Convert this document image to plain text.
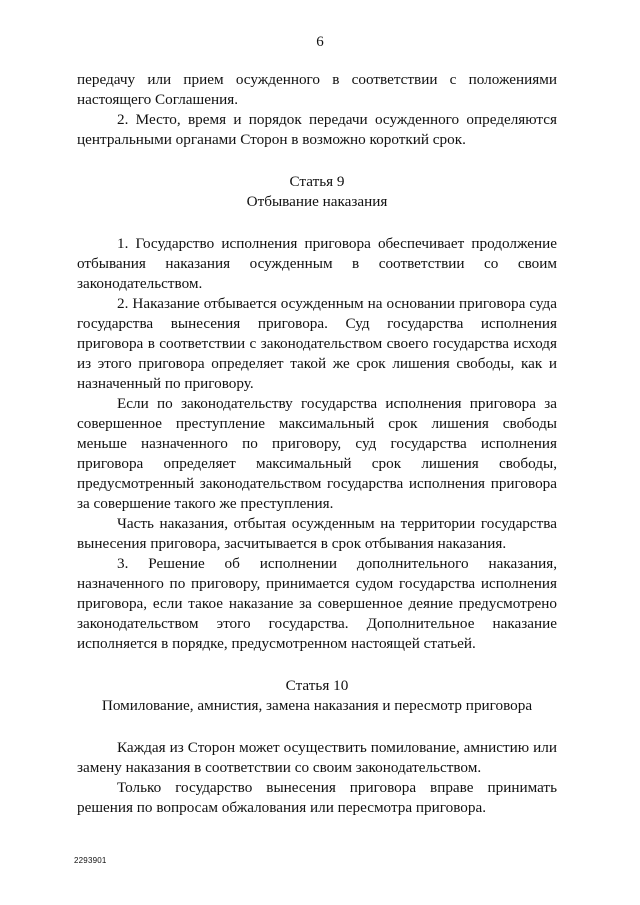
6

передачу или прием осужденного в соответствии с положениями настоящего Соглашения.

2. Место, время и порядок передачи осужденного определяются центральными органами Сторон в возможно короткий срок.

Статья 9

Отбывание наказания

1. Государство исполнения приговора обеспечивает продолжение отбывания наказания осужденным в соответствии со своим законодательством.

2. Наказание отбывается осужденным на основании приговора суда государства вынесения приговора. Суд государства исполнения приговора в соответствии с законодательством своего государства исходя из этого приговора определяет такой же срок лишения свободы, как и назначенный по приговору.

Если по законодательству государства исполнения приговора за совершенное преступление максимальный срок лишения свободы меньше назначенного по приговору, суд государства исполнения приговора определяет максимальный срок лишения свободы, предусмотренный законодательством государства исполнения приговора за совершение такого же преступления.

Часть наказания, отбытая осужденным на территории государства вынесения приговора, засчитывается в срок отбывания наказания.

3. Решение об исполнении дополнительного наказания, назначенного по приговору, принимается судом государства исполнения приговора, если такое наказание за совершенное деяние предусмотрено законодательством этого государства. Дополнительное наказание исполняется в порядке, предусмотренном настоящей статьей.

Статья 10

Помилование, амнистия, замена наказания и пересмотр приговора

Каждая из Сторон может осуществить помилование, амнистию или замену наказания в соответствии со своим законодательством.

Только государство вынесения приговора вправе принимать решения по вопросам обжалования или пересмотра приговора.

2293901
